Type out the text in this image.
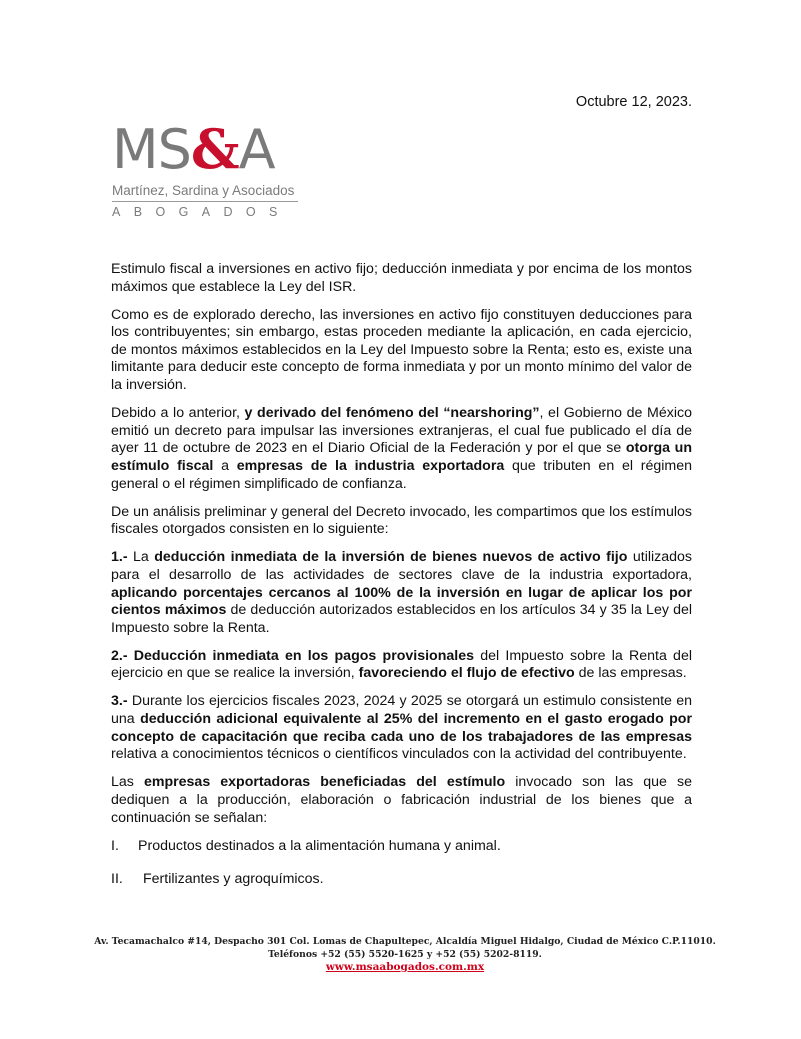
Octubre 12, 2023.
MS&A
Martínez, Sardina y Asociados
ABOGADOS

Estimulo fiscal a inversiones en activo fijo; deducción inmediata y por encima de los montos máximos que establece la Ley del ISR.

Como es de explorado derecho, las inversiones en activo fijo constituyen deducciones para los contribuyentes; sin embargo, estas proceden mediante la aplicación, en cada ejercicio, de montos máximos establecidos en la Ley del Impuesto sobre la Renta; esto es, existe una limitante para deducir este concepto de forma inmediata y por un monto mínimo del valor de la inversión.

Debido a lo anterior, y derivado del fenómeno del “nearshoring”, el Gobierno de México emitió un decreto para impulsar las inversiones extranjeras, el cual fue publicado el día de ayer 11 de octubre de 2023 en el Diario Oficial de la Federación y por el que se otorga un estímulo fiscal a empresas de la industria exportadora que tributen en el régimen general o el régimen simplificado de confianza.

De un análisis preliminar y general del Decreto invocado, les compartimos que los estímulos fiscales otorgados consisten en lo siguiente:

1.- La deducción inmediata de la inversión de bienes nuevos de activo fijo utilizados para el desarrollo de las actividades de sectores clave de la industria exportadora, aplicando porcentajes cercanos al 100% de la inversión en lugar de aplicar los por cientos máximos de deducción autorizados establecidos en los artículos 34 y 35 la Ley del Impuesto sobre la Renta.

2.- Deducción inmediata en los pagos provisionales del Impuesto sobre la Renta del ejercicio en que se realice la inversión, favoreciendo el flujo de efectivo de las empresas.

3.- Durante los ejercicios fiscales 2023, 2024 y 2025 se otorgará un estimulo consistente en una deducción adicional equivalente al 25% del incremento en el gasto erogado por concepto de capacitación que reciba cada uno de los trabajadores de las empresas relativa a conocimientos técnicos o científicos vinculados con la actividad del contribuyente.

Las empresas exportadoras beneficiadas del estímulo invocado son las que se dediquen a la producción, elaboración o fabricación industrial de los bienes que a continuación se señalan:

I. Productos destinados a la alimentación humana y animal.
II. Fertilizantes y agroquímicos.
Av. Tecamachalco #14, Despacho 301 Col. Lomas de Chapultepec, Alcaldía Miguel Hidalgo, Ciudad de México C.P.11010.
Teléfonos +52 (55) 5520-1625 y +52 (55) 5202-8119.
www.msaabogados.com.mx
